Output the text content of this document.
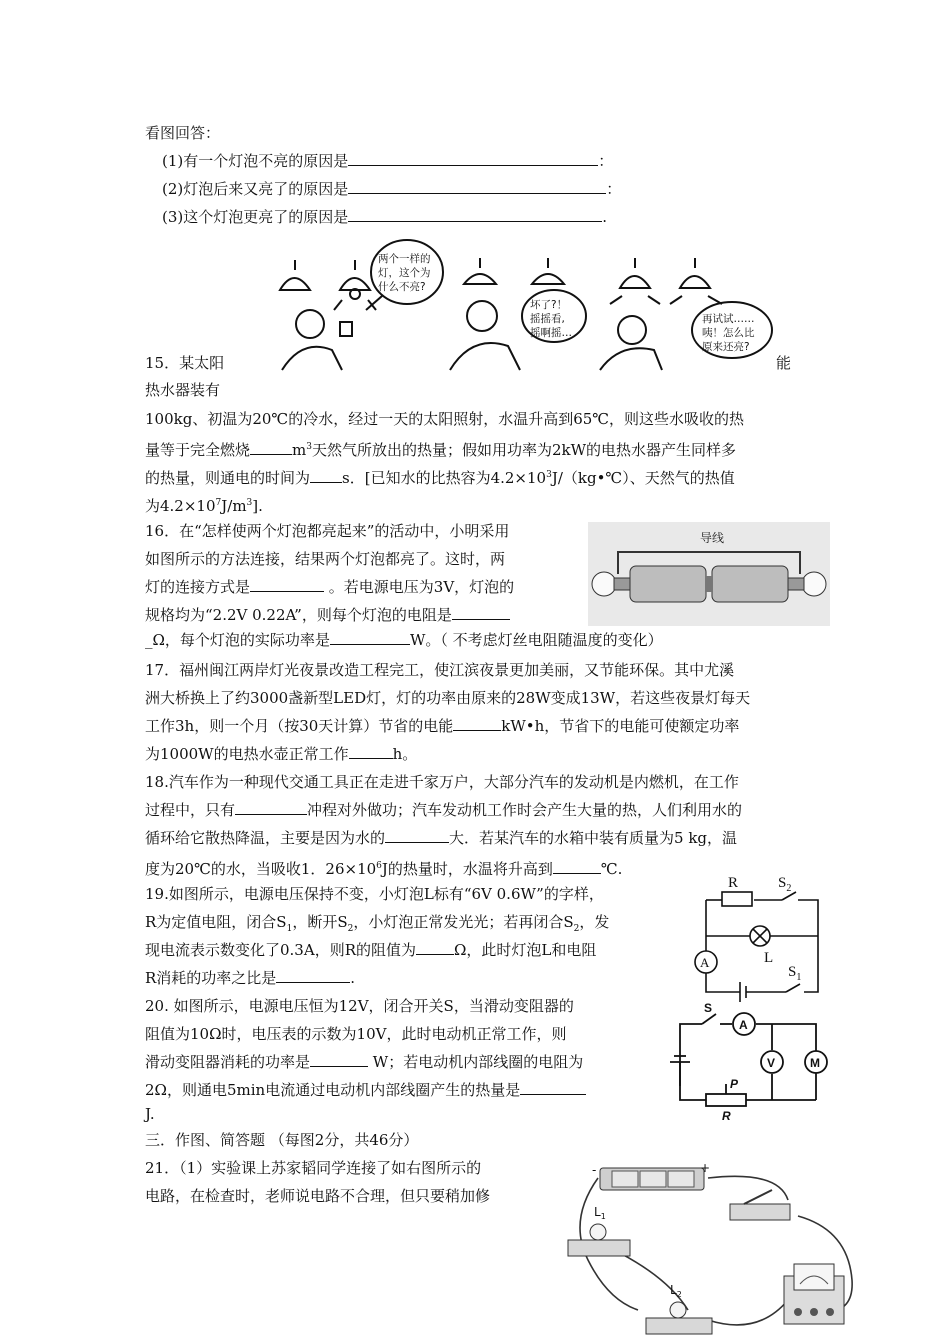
看图回答：
(1)有一个灯泡不亮的原因是	：
(2)灯泡后来又亮了的原因是	：
(3)这个灯泡更亮了的原因是	.
两个一样的
灯，这个为
什么不亮?
坏了?！
摇摇看,
摇啊摇…
再试试……
咦！怎么比
原来还亮?
15．某太阳	能
热水器装有
100kg、初温为20℃的冷水，经过一天的太阳照射，水温升高到65℃，则这些水吸收的热
量等于完全燃烧	$m^3$天然气所放出的热量；假如用功率为2kW的电热水器产生同样多
的热量，则通电的时间为 s．[已知水的比热容为$4.2\times 10^3J/(kg•℃)$、天然气的热值
为$4.2\times 10^7J/m^3$].
16．在“怎样使两个灯泡都亮起来”的活动中，小明采用
如图所示的方法连接，结果两个灯泡都亮了。这时，两
灯的连接方式是	。若电源电压为3V，灯泡的
规格均为“2.2V 0.22A”，则每个灯泡的电阻是
_Ω，每个灯泡的实际功率是	W。（ 不考虑灯丝电阻随温度的变化）
导线
17．福州闽江两岸灯光夜景改造工程完工，使江滨夜景更加美丽，又节能环保。其中尤溪
洲大桥换上了约3000盏新型LED灯，灯的功率由原来的28W变成13W，若这些夜景灯每天
工作3h，则一个月（按30天计算）节省的电能	kW•h，节省下的电能可使额定功率
为1000W的电热水壶正常工作	h。
18.汽车作为一种现代交通工具正在走进千家万户，大部分汽车的发动机是内燃机，在工作
过程中，只有	冲程对外做功；汽车发动机工作时会产生大量的热，人们利用水的
循环给它散热降温，主要是因为水的	大．若某汽车的水箱中装有质量为5 kg，温
度为20℃的水，当吸收1．$26\times 10^6J$的热量时，水温将升高到	℃.
19.如图所示，电源电压保持不变，小灯泡L标有“6V 0.6W”的字样，
R为定值电阻，闭合$S_1$，断开$S_2$，小灯泡正常发光光；若再闭合$S_2$，发
现电流表示数变化了0.3A，则R的阻值为	Ω，此时灯泡L和电阻
R消耗的功率之比是	.
R	$S_2$
L
A
$S_1$
20. 如图所示，电源电压恒为12V，闭合开关S，当滑动变阻器的
阻值为10Ω时，电压表的示数为10V，此时电动机正常工作，则
滑动变阻器消耗的功率是	W；若电动机内部线圈的电阻为
2Ω，则通电5min电流通过电动机内部线圈产生的热量是
J.
S
A
V	M
P
R
三．作图、简答题 （每图2分，共46分）
21．（1）实验课上苏家韬同学连接了如右图所示的
电路，在检查时，老师说电路不合理，但只要稍加修
-	+
$L_1$
$L_2$
